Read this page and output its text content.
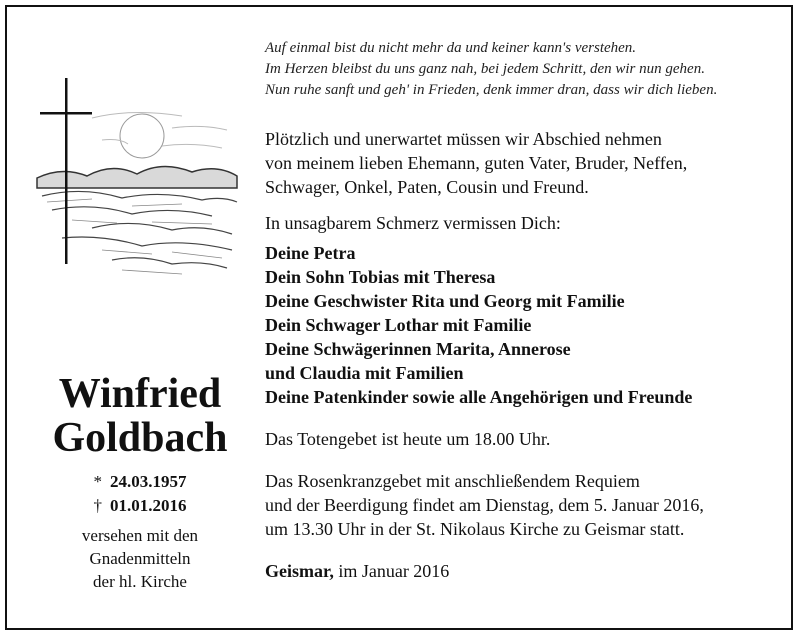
Auf einmal bist du nicht mehr da und keiner kann's verstehen.
Im Herzen bleibst du uns ganz nah, bei jedem Schritt, den wir nun gehen.
Nun ruhe sanft und geh' in Frieden, denk immer dran, dass wir dich lieben.
Winfried
Goldbach
* 24.03.1957
† 01.01.2016
versehen mit den
Gnadenmitteln
der hl. Kirche
Plötzlich und unerwartet müssen wir Abschied nehmen
von meinem lieben Ehemann, guten Vater, Bruder, Neffen,
Schwager, Onkel, Paten, Cousin und Freund.
In unsagbarem Schmerz vermissen Dich:
Deine Petra
Dein Sohn Tobias mit Theresa
Deine Geschwister Rita und Georg mit Familie
Dein Schwager Lothar mit Familie
Deine Schwägerinnen Marita, Annerose
und Claudia mit Familien
Deine Patenkinder sowie alle Angehörigen und Freunde
Das Totengebet ist heute um 18.00 Uhr.
Das Rosenkranzgebet mit anschließendem Requiem
und der Beerdigung findet am Dienstag, dem 5. Januar 2016,
um 13.30 Uhr in der St. Nikolaus Kirche zu Geismar statt.
Geismar, im Januar 2016
